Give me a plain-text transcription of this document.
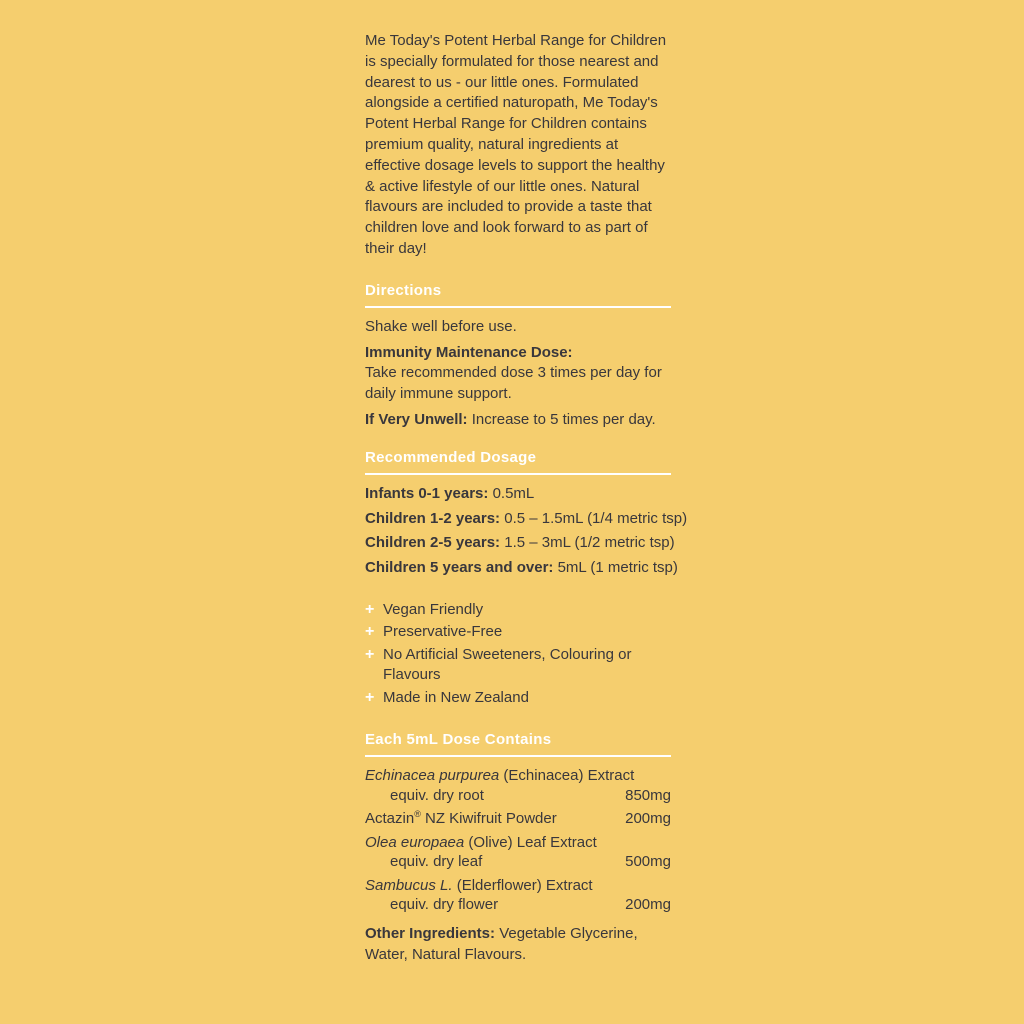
Me Today's Potent Herbal Range for Children is specially formulated for those nearest and dearest to us - our little ones. Formulated alongside a certified naturopath, Me Today's Potent Herbal Range for Children contains premium quality, natural ingredients at effective dosage levels to support the healthy & active lifestyle of our little ones. Natural flavours are included to provide a taste that children love and look forward to as part of their day!

Directions

Shake well before use.

Immunity Maintenance Dose:
Take recommended dose 3 times per day for daily immune support.

If Very Unwell: Increase to 5 times per day.

Recommended Dosage

Infants 0-1 years: 0.5mL

Children 1-2 years: 0.5 – 1.5mL (1/4 metric tsp)

Children 2-5 years: 1.5 – 3mL (1/2 metric tsp)

Children 5 years and over: 5mL (1 metric tsp)

+ Vegan Friendly
+ Preservative-Free
+ No Artificial Sweeteners, Colouring or Flavours
+ Made in New Zealand
Each 5mL Dose Contains
Echinacea purpurea (Echinacea) Extract
equiv. dry root	850mg
Actazin® NZ Kiwifruit Powder	200mg
Olea europaea (Olive) Leaf Extract
equiv. dry leaf	500mg
Sambucus L. (Elderflower) Extract
equiv. dry flower	200mg

Other Ingredients: Vegetable Glycerine, Water, Natural Flavours.
